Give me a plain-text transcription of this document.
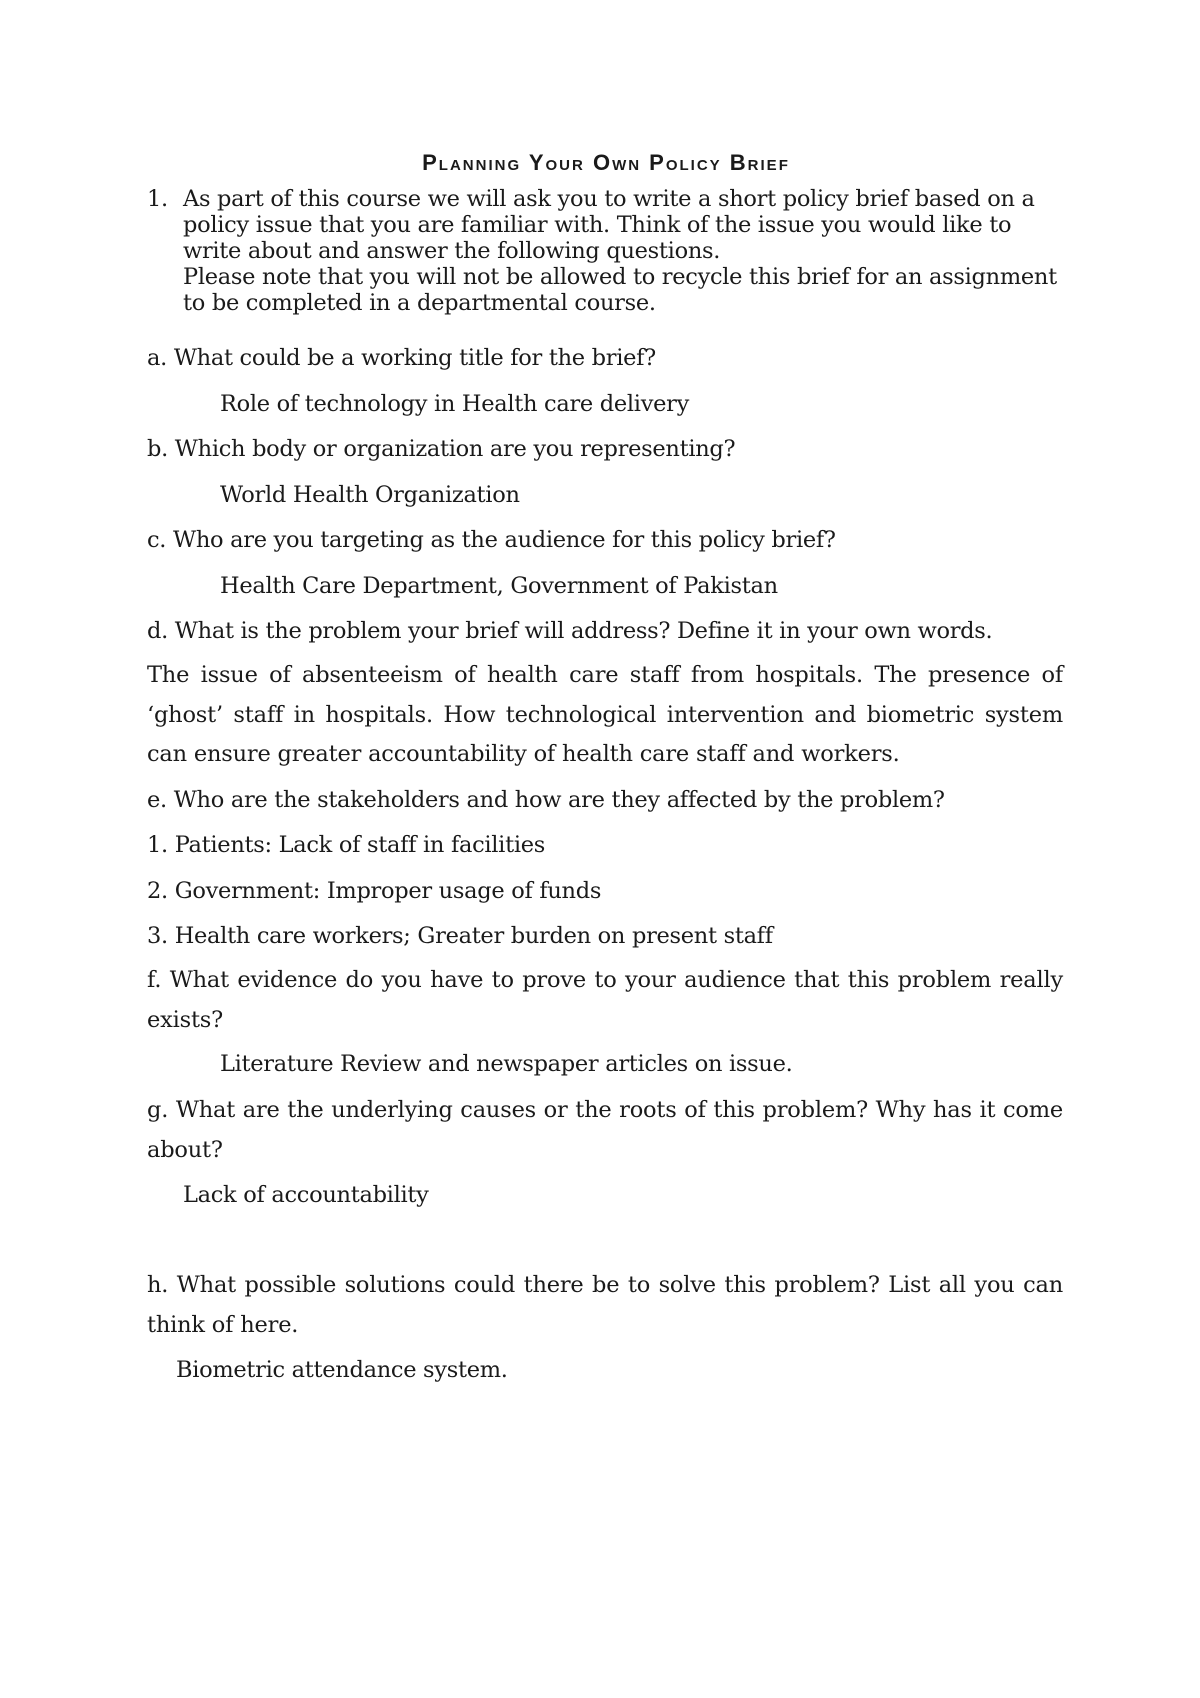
Planning Your Own Policy Brief
1. As part of this course we will ask you to write a short policy brief based on a policy issue that you are familiar with. Think of the issue you would like to write about and answer the following questions.
Please note that you will not be allowed to recycle this brief for an assignment to be completed in a departmental course.
a. What could be a working title for the brief?
Role of technology in Health care delivery
b. Which body or organization are you representing?
World Health Organization
c. Who are you targeting as the audience for this policy brief?
Health Care Department, Government of Pakistan
d. What is the problem your brief will address? Define it in your own words.
The issue of absenteeism of health care staff from hospitals. The presence of ‘ghost’ staff in hospitals. How technological intervention and biometric system can ensure greater accountability of health care staff and workers.
e. Who are the stakeholders and how are they affected by the problem?
1. Patients: Lack of staff in facilities
2. Government: Improper usage of funds
3. Health care workers; Greater burden on present staff
f. What evidence do you have to prove to your audience that this problem really exists?
Literature Review and newspaper articles on issue.
g. What are the underlying causes or the roots of this problem? Why has it come about?
Lack of accountability
h. What possible solutions could there be to solve this problem? List all you can think of here.
Biometric attendance system.
